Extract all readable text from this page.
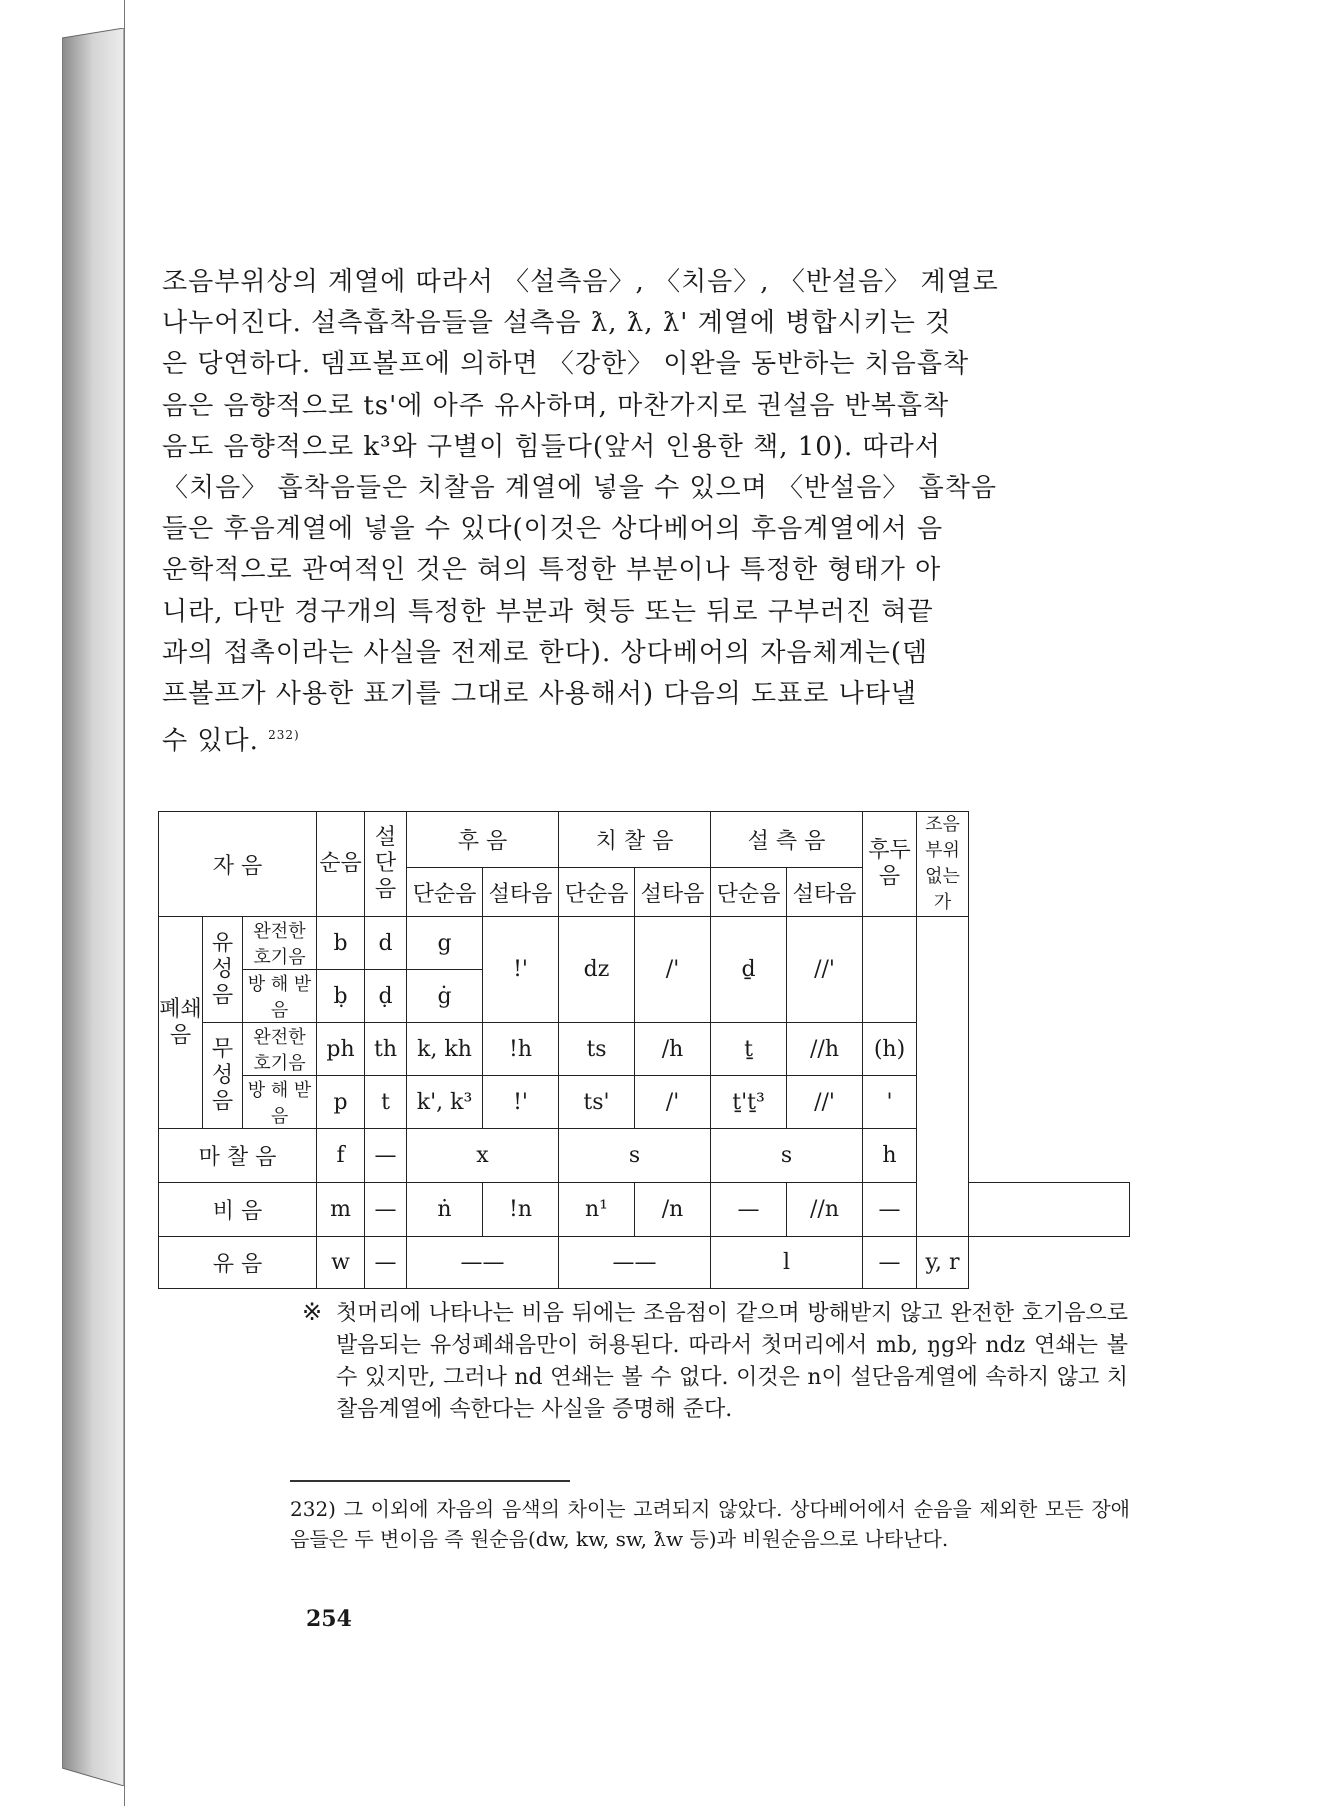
조음부위상의 계열에 따라서 〈설측음〉, 〈치음〉, 〈반설음〉 계열로

나누어진다. 설측흡착음들을 설측음 ƛ, ƛ, ƛ' 계열에 병합시키는 것

은 당연하다. 뎀프볼프에 의하면 〈강한〉 이완을 동반하는 치음흡착

음은 음향적으로 ts'에 아주 유사하며, 마찬가지로 권설음 반복흡착

음도 음향적으로 k³와 구별이 힘들다(앞서 인용한 책, 10). 따라서

〈치음〉 흡착음들은 치찰음 계열에 넣을 수 있으며 〈반설음〉 흡착음

들은 후음계열에 넣을 수 있다(이것은 상다베어의 후음계열에서 음

운학적으로 관여적인 것은 혀의 특정한 부분이나 특정한 형태가 아

니라, 다만 경구개의 특정한 부분과 혓등 또는 뒤로 구부러진 혀끝

과의 접촉이라는 사실을 전제로 한다). 상다베어의 자음체계는(뎀

프볼프가 사용한 표기를 그대로 사용해서) 다음의 도표로 나타낼

수 있다. $^{232)}$

자 음			순음	설단음	후 음		치 찰 음		설 측 음		후두음	조음부위없는 가	
					단순음	설타음	단순음	설타음	단순음	설타음			
폐쇄음	유성음	완전한 호기음	b	d	g	!'	dz	/'	ḏ	//'			
		방 해 받 음	ḅ	ḍ	ġ								
	무성음	완전한 호기음	ph	th	k, kh	!h	ts	/h	ṯ	//h	(h)		
		방 해 받 음	p	t	k', k³	!'	ts'	/'	ṯ'ṯ³	//'	'		
마 찰 음			f	—	x		s		s		h		
비 음			m	—	ṅ	!n	n¹	/n	—	//n	—		
유 음			w	—	——		——		l		—	y, r	
※ 첫머리에 나타나는 비음 뒤에는 조음점이 같으며 방해받지 않고 완전한 호기음으로 발음되는 유성폐쇄음만이 허용된다. 따라서 첫머리에서 mb, ŋg와 ndz 연쇄는 볼 수 있지만, 그러나 nd 연쇄는 볼 수 없다. 이것은 n이 설단음계열에 속하지 않고 치찰음계열에 속한다는 사실을 증명해 준다.
232) 그 이외에 자음의 음색의 차이는 고려되지 않았다. 상다베어에서 순음을 제외한 모든 장애음들은 두 변이음 즉 원순음(dw, kw, sw, ƛw 등)과 비원순음으로 나타난다.
254
